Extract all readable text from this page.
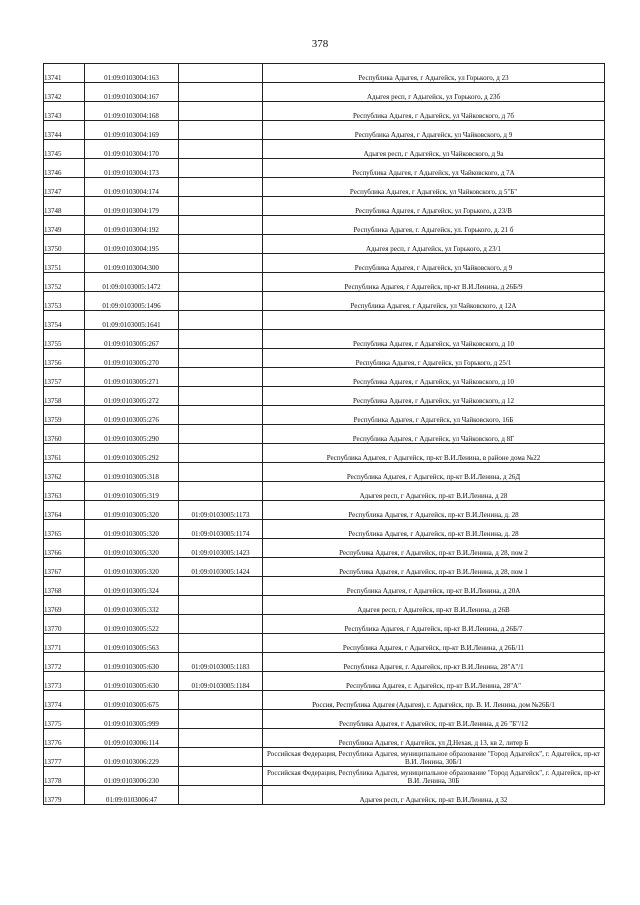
378
13741	01:09:0103004:163		Республика Адыгея, г Адыгейск, ул Горького, д 23
13742	01:09:0103004:167		Адыгея респ, г Адыгейск, ул Горького, д 23б
13743	01:09:0103004:168		Республика Адыгея, г Адыгейск, ул Чайковского, д 7б
13744	01:09:0103004:169		Республика Адыгея, г Адыгейск, ул Чайковского, д 9
13745	01:09:0103004:170		Адыгея респ, г Адыгейск, ул Чайковского, д 9а
13746	01:09:0103004:173		Республика Адыгея, г Адыгейск, ул Чайковского, д 7А
13747	01:09:0103004:174		Республика Адыгея, г Адыгейск, ул Чайковского, д 5"Б"
13748	01:09:0103004:179		Республика Адыгея, г Адыгейск, ул Горького, д 23/В
13749	01:09:0103004:192		Республика Адыгея, г. Адыгейск, ул. Горького, д. 21 б
13750	01:09:0103004:195		Адыгея респ, г Адыгейск, ул Горького, д 23/1
13751	01:09:0103004:300		Республика Адыгея, г Адыгейск, ул Чайковского, д 9
13752	01:09:0103005:1472		Республика Адыгея, г Адыгейск, пр-кт В.И.Ленина, д 26Б/9
13753	01:09:0103005:1496		Республика Адыгея, г Адыгейск, ул Чайковского, д 12А
13754	01:09:0103005:1641		
13755	01:09:0103005:267		Республика Адыгея, г Адыгейск, ул Чайковского, д 10
13756	01:09:0103005:270		Республика Адыгея, г Адыгейск, ул Горького, д 25/1
13757	01:09:0103005:271		Республика Адыгея, г Адыгейск, ул Чайковского, д 10
13758	01:09:0103005:272		Республика Адыгея, г Адыгейск, ул Чайковского, д 12
13759	01:09:0103005:276		Республика Адыгея, г Адыгейск, ул Чайковского, 16Б
13760	01:09:0103005:290		Республика Адыгея, г Адыгейск, ул Чайковского, д 8Г
13761	01:09:0103005:292		Республика Адыгея, г Адыгейск, пр-кт В.И.Ленина, в районе дома №22
13762	01:09:0103005:318		Республика Адыгея, г Адыгейск, пр-кт В.И.Ленина, д 26Д
13763	01:09:0103005:319		Адыгея респ, г Адыгейск, пр-кт В.И.Ленина, д 28
13764	01:09:0103005:320	01:09:0103005:1173	Республика Адыгея, г Адыгейск, пр-кт В.И.Ленина, д. 28
13765	01:09:0103005:320	01:09:0103005:1174	Республика Адыгея, г Адыгейск, пр-кт В.И.Ленина, д. 28
13766	01:09:0103005:320	01:09:0103005:1423	Республика Адыгея, г Адыгейск, пр-кт В.И.Ленина, д 28, пом 2
13767	01:09:0103005:320	01:09:0103005:1424	Республика Адыгея, г Адыгейск, пр-кт В.И.Ленина, д 28, пом 1
13768	01:09:0103005:324		Республика Адыгея, г Адыгейск, пр-кт В.И.Ленина, д 20А
13769	01:09:0103005:332		Адыгея респ, г Адыгейск, пр-кт В.И.Ленина, д 26В
13770	01:09:0103005:522		Республика Адыгея, г Адыгейск, пр-кт В.И.Ленина, д 26Б/7
13771	01:09:0103005:563		Республика Адыгея, г Адыгейск, пр-кт В.И.Ленина, д 26Б/11
13772	01:09:0103005:630	01:09:0103005:1183	Республика Адыгея, г. Адыгейск, пр-кт В.И.Ленина, 28"А"/1
13773	01:09:0103005:630	01:09:0103005:1184	Республика Адыгея, г. Адыгейск, пр-кт В.И.Ленина, 28"А"
13774	01:09:0103005:675		Россия, Республика Адыгея (Адыгея), г. Адыгейск, пр. В. И. Ленина, дом №26Б/1
13775	01:09:0103005:999		Республика Адыгея, г Адыгейск, пр-кт В.И.Ленина, д 26 "Б"/12
13776	01:09:0103006:114		Республика Адыгея, г Адыгейск, ул Д.Нехая, д 13, кв 2, литер Б
13777	01:09:0103006:229		Российская Федерация, Республика Адыгея, муниципальное образование "Город Адыгейск", г. Адыгейск, пр-кт В.И. Ленина, 30Б/1
13778	01:09:0103006:230		Российская Федерация, Республика Адыгея, муниципальное образование "Город Адыгейск", г. Адыгейск, пр-кт В.И. Ленина, 30Б
13779	01:09:0103006:47		Адыгея респ, г Адыгейск, пр-кт В.И.Ленина, д 32
